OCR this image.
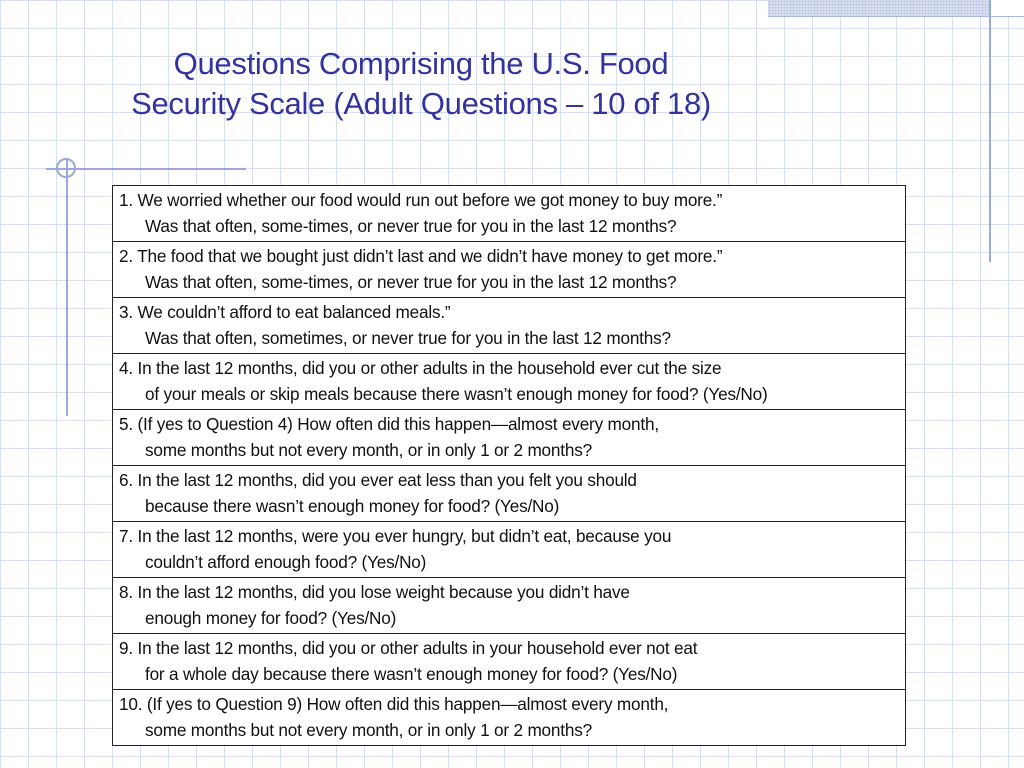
Questions Comprising the U.S. Food
Security Scale (Adult Questions – 10 of 18)
1. We worried whether our food would run out before we got money to buy more.”
Was that often, some-times, or never true for you in the last 12 months?

2. The food that we bought just didn’t last and we didn’t have money to get more.”
Was that often, some-times, or never true for you in the last 12 months?

3. We couldn’t afford to eat balanced meals.”
Was that often, sometimes, or never true for you in the last 12 months?

4. In the last 12 months, did you or other adults in the household ever cut the size
of your meals or skip meals because there wasn’t enough money for food? (Yes/No)

5. (If yes to Question 4) How often did this happen—almost every month,
some months but not every month, or in only 1 or 2 months?

6. In the last 12 months, did you ever eat less than you felt you should
because there wasn’t enough money for food? (Yes/No)

7. In the last 12 months, were you ever hungry, but didn’t eat, because you
couldn’t afford enough food? (Yes/No)

8. In the last 12 months, did you lose weight because you didn’t have
enough money for food? (Yes/No)

9. In the last 12 months, did you or other adults in your household ever not eat
for a whole day because there wasn’t enough money for food? (Yes/No)

10. (If yes to Question 9) How often did this happen—almost every month,
some months but not every month, or in only 1 or 2 months?
